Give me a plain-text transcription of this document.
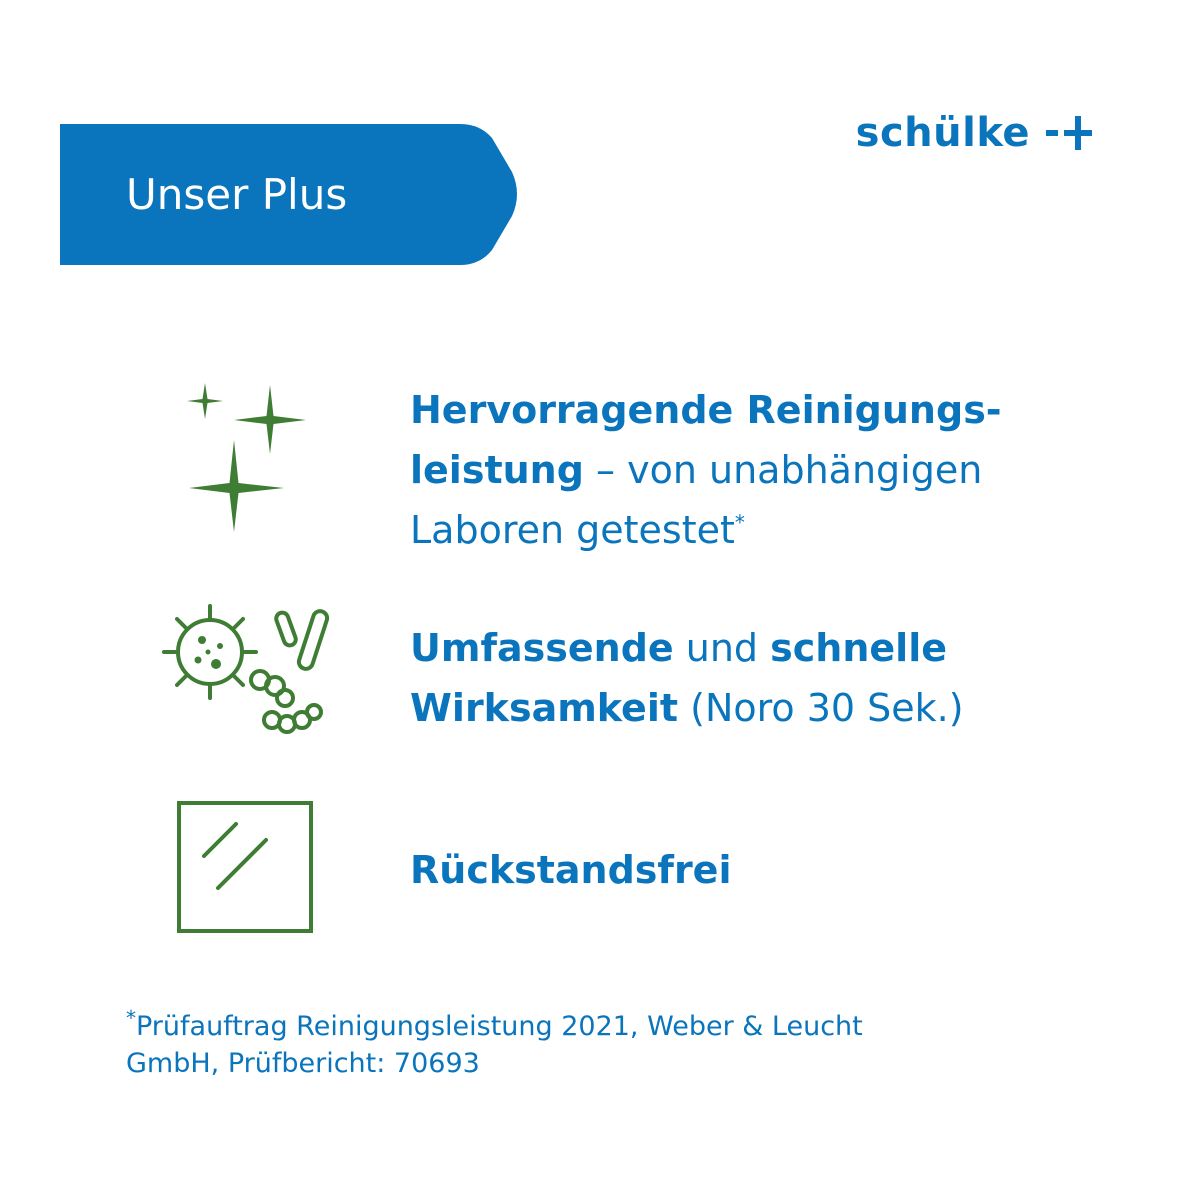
Unser Plus
schülke
Hervorragende Reinigungs-
leistung – von unabhängigen
Laboren getestet*
Umfassende und schnelle
Wirksamkeit (Noro 30 Sek.)
Rückstandsfrei
*Prüfauftrag Reinigungsleistung 2021, Weber & Leucht
GmbH, Prüfbericht: 70693
